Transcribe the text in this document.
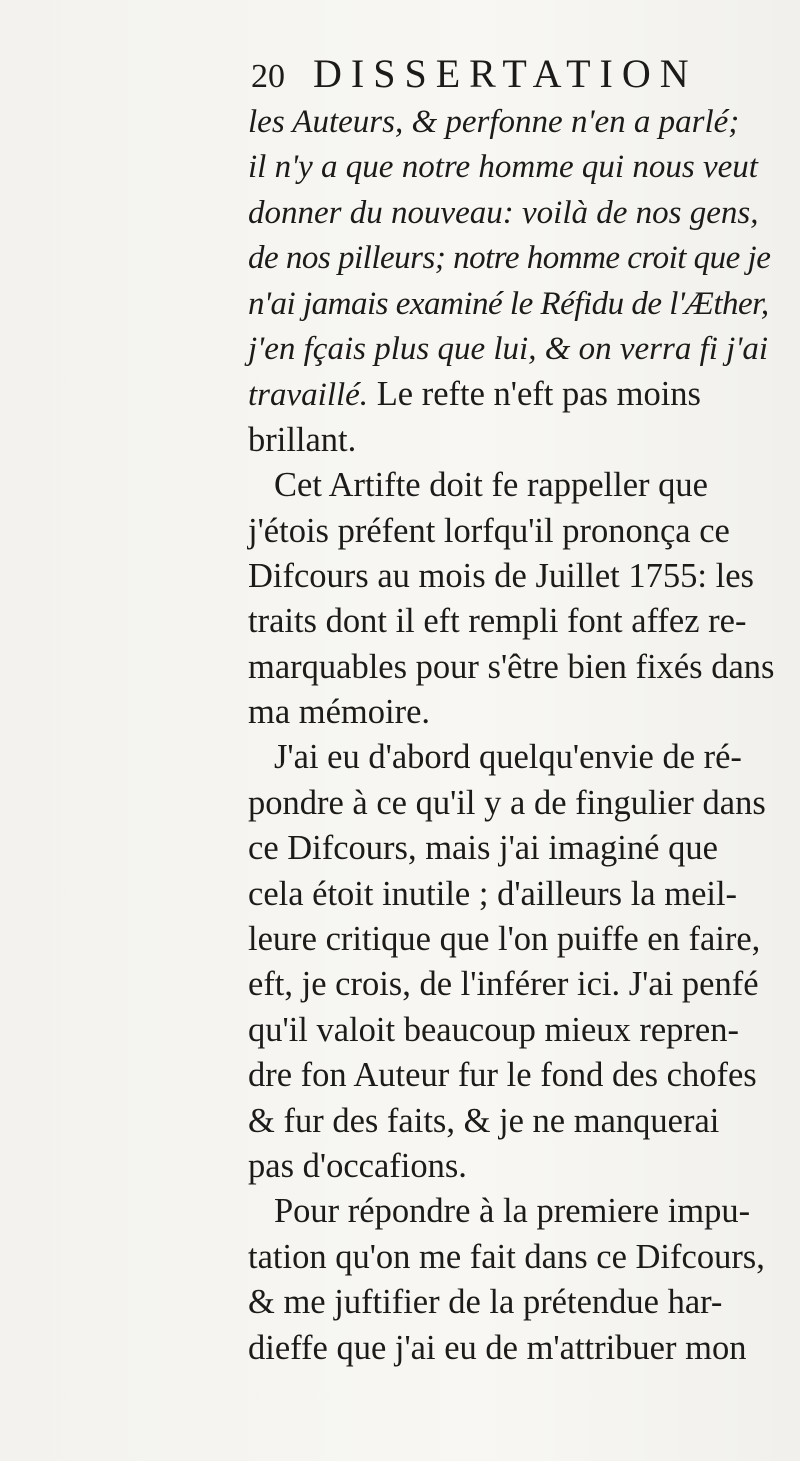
20 DISSERTATION
les Auteurs, & perfonne n'en a parlé;
il n'y a que notre homme qui nous veut
donner du nouveau: voilà de nos gens,
de nos pilleurs; notre homme croit que je
n'ai jamais examiné le Réfidu de l'Æther,
j'en fçais plus que lui, & on verra fi j'ai
travaillé. Le refte n'eft pas moins
brillant.
Cet Artifte doit fe rappeller que
j'étois préfent lorfqu'il prononça ce
Difcours au mois de Juillet 1755: les
traits dont il eft rempli font affez re-
marquables pour s'être bien fixés dans
ma mémoire.
J'ai eu d'abord quelqu'envie de ré-
pondre à ce qu'il y a de fingulier dans
ce Difcours, mais j'ai imaginé que
cela étoit inutile ; d'ailleurs la meil-
leure critique que l'on puiffe en faire,
eft, je crois, de l'inférer ici. J'ai penfé
qu'il valoit beaucoup mieux repren-
dre fon Auteur fur le fond des chofes
& fur des faits, & je ne manquerai
pas d'occafions.
Pour répondre à la premiere impu-
tation qu'on me fait dans ce Difcours,
& me juftifier de la prétendue har-
dieffe que j'ai eu de m'attribuer mon
